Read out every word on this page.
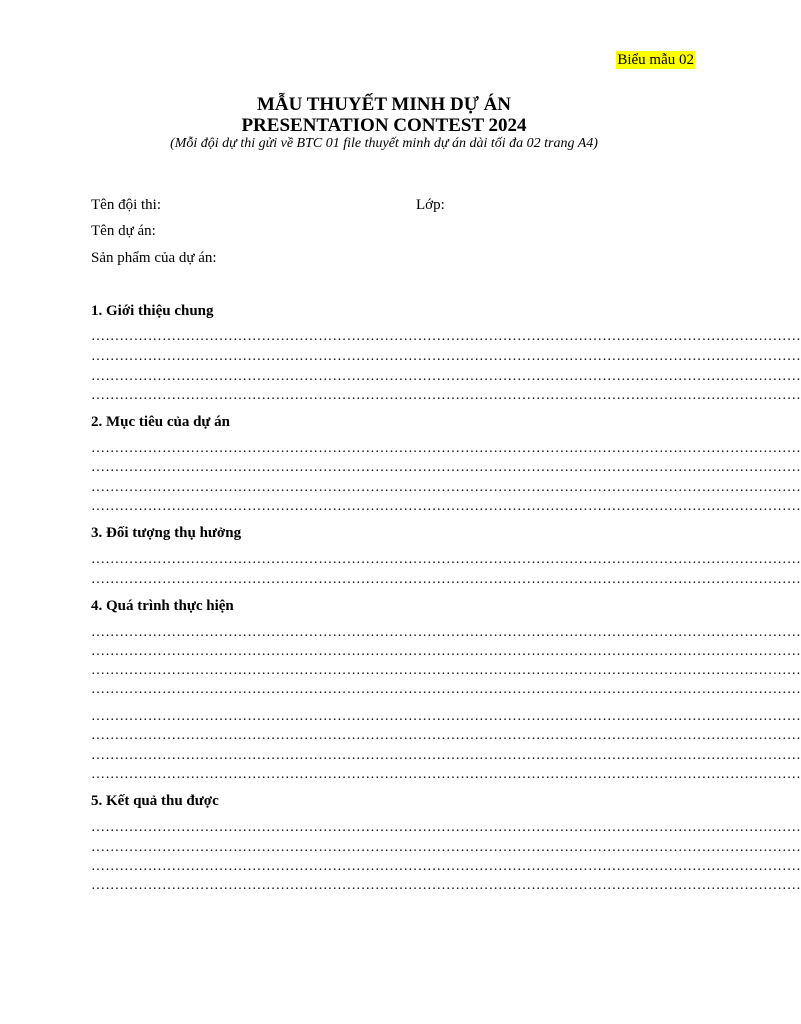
Biểu mẫu 02
MẪU THUYẾT MINH DỰ ÁN
PRESENTATION CONTEST 2024
(Mỗi đội dự thi gửi về BTC 01 file thuyết minh dự án dài tối đa 02 trang A4)
Tên đội thi:	Lớp:
Tên dự án:
Sản phẩm của dự án:
1. Giới thiệu chung
……………………………………………………………………………………………………………………………………
……………………………………………………………………………………………………………………………………
……………………………………………………………………………………………………………………………………
……………………………………………………………………………………………………………………………………
2. Mục tiêu của dự án
……………………………………………………………………………………………………………………………………
……………………………………………………………………………………………………………………………………
……………………………………………………………………………………………………………………………………
……………………………………………………………………………………………………………………………………
3. Đối tượng thụ hưởng
……………………………………………………………………………………………………………………………………
……………………………………………………………………………………………………………………………………
4. Quá trình thực hiện
……………………………………………………………………………………………………………………………………
……………………………………………………………………………………………………………………………………
……………………………………………………………………………………………………………………………………
……………………………………………………………………………………………………………………………………
……………………………………………………………………………………………………………………………………
……………………………………………………………………………………………………………………………………
……………………………………………………………………………………………………………………………………
……………………………………………………………………………………………………………………………………
5. Kết quả thu được
……………………………………………………………………………………………………………………………………
……………………………………………………………………………………………………………………………………
……………………………………………………………………………………………………………………………………
……………………………………………………………………………………………………………………………………
